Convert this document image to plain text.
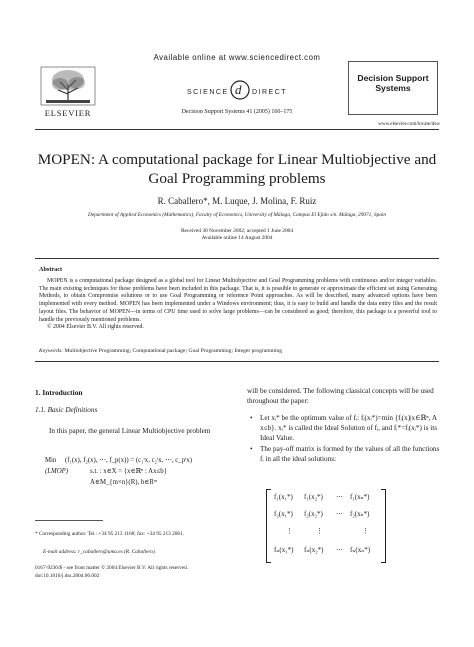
Available online at www.sciencedirect.com
ELSEVIER
SCIENCE d DIRECT
Decision Support Systems 41 (2005) 160–175
Decision Support
Systems
www.elsevier.com/locate/dsw
MOPEN: A computational package for Linear Multiobjective and Goal Programming problems
R. Caballero*, M. Luque, J. Molina, F. Ruiz
Department of Applied Economics (Mathematics), Faculty of Economics, University of Málaga, Campus El Ejido s/n. Málaga, 29071, Spain
Received 30 November 2002; accepted 1 June 2004
Available online 14 August 2004
Abstract

MOPEN is a computational package designed as a global tool for Linear Multiobjective and Goal Programming problems with continuous and/or integer variables. The main existing techniques for these problems have been included in this package. That is, it is possible to generate or approximate the efficient set using Generating Methods, to obtain Compromise solutions or to use Goal Programming or reference Point approaches. As will be described, many advanced options have been implemented with every method. MOPEN has been implemented under a Windows environment; thus, it is easy to build and handle the data entry files and the result layout files. The behavior of MOPEN—in terms of CPU time used to solve large problems—can be considered as good; therefore, this package is a powerful tool to handle the previously mentioned problems.

© 2004 Elsevier B.V. All rights reserved.

Keywords: Multiobjective Programming; Computational package; Goal Programming; Integer programming
1. Introduction
1.1. Basic Definitions
In this paper, the general Linear Multiobjective problem
Min	(f₁(x), f₂(x), ⋯, f_p(x)) = (c₁ᵗx, c₂ᵗx, ⋯, c_pᵗx)
(LMOP)	s.t. : x∈X = {x∈ℝⁿ : Ax≤b}
A∈M_{m×n}(R), b∈Rᵐ
* Corresponding author. Tel.: +34 95 213 1168; fax: +34 95 213 2061.
E-mail address: r_caballero@uma.es (R. Caballero).
0167-9236/$ - see front matter © 2004 Elsevier B.V. All rights reserved.
doi:10.1016/j.dss.2004.06.002
will be considered. The following classical concepts will be used throughout the paper:
• Let xᵢ* be the optimum value of fᵢ: fᵢ(xᵢ*)=min {fᵢ(x)|x∈ℝⁿ, A x≤b}. xᵢ* is called the Ideal Solution of fᵢ, and fᵢ*=fᵢ(xᵢ*) is its Ideal Value.
• The pay-off matrix is formed by the values of all the functions fᵢ in all the ideal solutions:
f₁(x₁*) f₁(x₂*) ⋯ f₁(xₙ*)
f₂(x₁*) f₂(x₂*) ⋯ f₂(xₙ*)
⋮	⋮	⋮
fₙ(x₁*) fₙ(x₂*) ⋯ fₙ(xₙ*)
